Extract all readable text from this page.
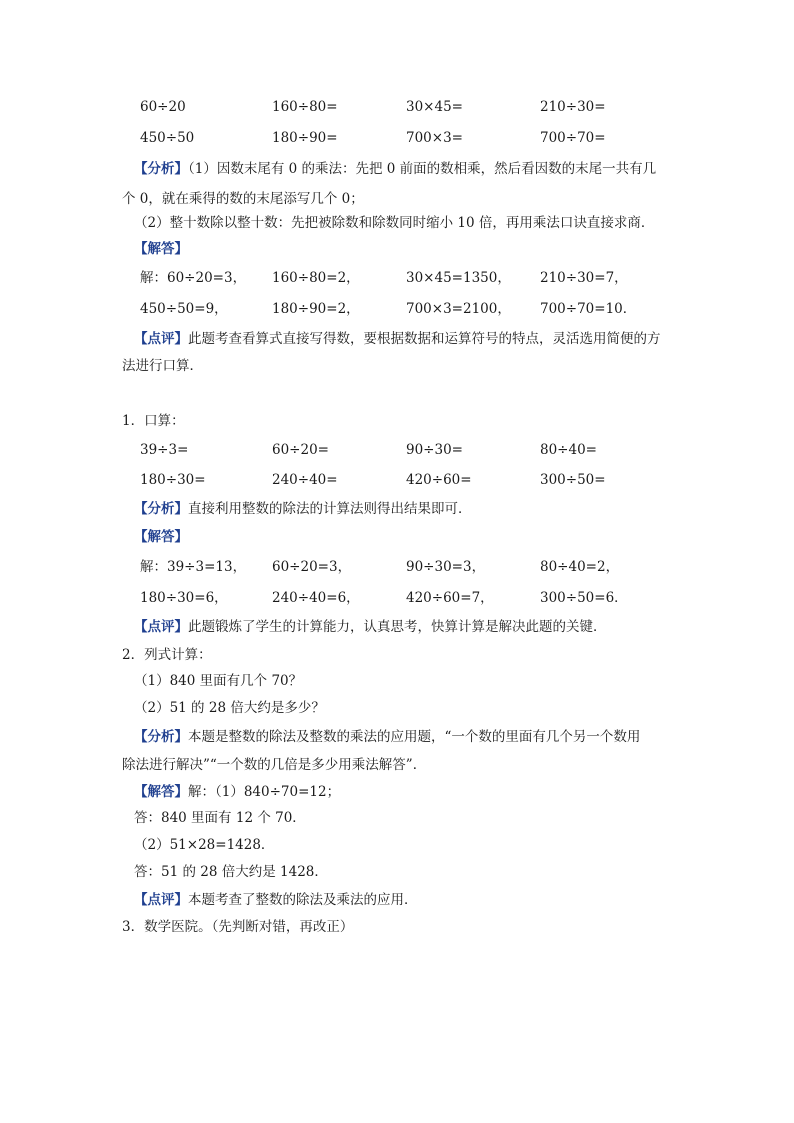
60÷20	160÷80=	30×45=	210÷30=
450÷50	180÷90=	700×3=	700÷70=
【分析】（1）因数末尾有 0 的乘法：先把 0 前面的数相乘，然后看因数的末尾一共有几
个 0，就在乘得的数的末尾添写几个 0；
（2）整十数除以整十数：先把被除数和除数同时缩小 10 倍，再用乘法口诀直接求商．
【解答】
解：60÷20=3， 160÷80=2，	30×45=1350， 210÷30=7，
450÷50=9，	180÷90=2，	700×3=2100， 700÷70=10．
【点评】此题考查看算式直接写得数，要根据数据和运算符号的特点，灵活选用简便的方
法进行口算．
1．口算：
39÷3=	60÷20=	90÷30=	80÷40=
180÷30=	240÷40=	420÷60=	300÷50=
【分析】直接利用整数的除法的计算法则得出结果即可．
【解答】
解：39÷3=13， 60÷20=3，	90÷30=3，	80÷40=2，
180÷30=6，	240÷40=6，	420÷60=7，	300÷50=6．
【点评】此题锻炼了学生的计算能力，认真思考，快算计算是解决此题的关键．
2．列式计算：
（1）840 里面有几个 70？
（2）51 的 28 倍大约是多少？
【分析】本题是整数的除法及整数的乘法的应用题，“一个数的里面有几个另一个数用
除法进行解决”“一个数的几倍是多少用乘法解答”．
【解答】解：（1）840÷70=12；
答：840 里面有 12 个 70．
（2）51×28=1428．
答：51 的 28 倍大约是 1428．
【点评】本题考查了整数的除法及乘法的应用．
3．数学医院。（先判断对错，再改正）
